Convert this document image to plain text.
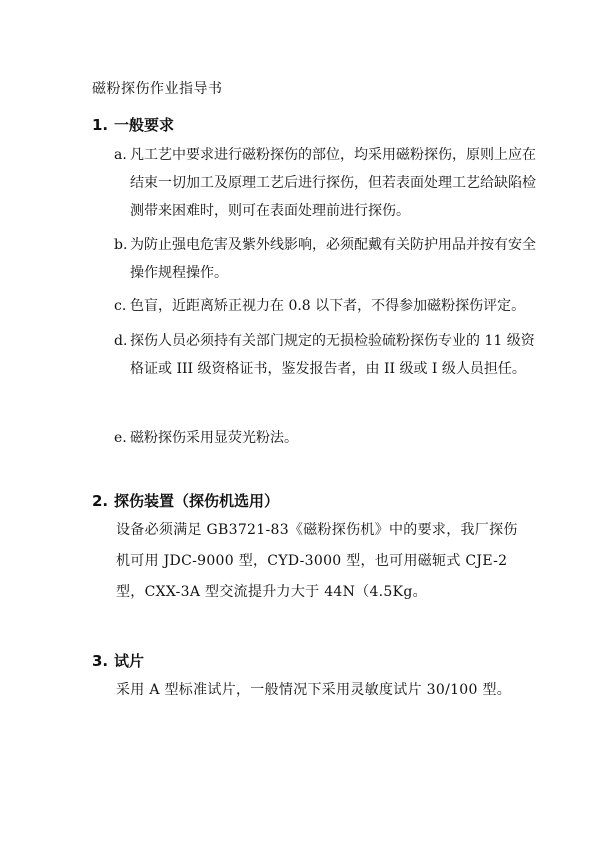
磁粉探伤作业指导书
1. 一般要求
a. 凡工艺中要求进行磁粉探伤的部位，均采用磁粉探伤，原则上应在结束一切加工及原理工艺后进行探伤，但若表面处理工艺给缺陷检测带来困难时，则可在表面处理前进行探伤。
b. 为防止强电危害及紫外线影响，必须配戴有关防护用品并按有安全操作规程操作。
c. 色盲，近距离矫正视力在 0.8 以下者，不得参加磁粉探伤评定。
d. 探伤人员必须持有关部门规定的无损检验硫粉探伤专业的 11 级资格证或 III 级资格证书，鉴发报告者，由 II 级或 I 级人员担任。
e. 磁粉探伤采用显荧光粉法。
2. 探伤装置（探伤机选用）
设备必须满足 GB3721-83《磁粉探伤机》中的要求，我厂探伤机可用 JDC-9000 型，CYD-3000 型，也可用磁轭式 CJE-2 型，CXX-3A 型交流提升力大于 44N（4.5Kg。
3. 试片
采用 A 型标准试片，一般情况下采用灵敏度试片 30/100 型。
